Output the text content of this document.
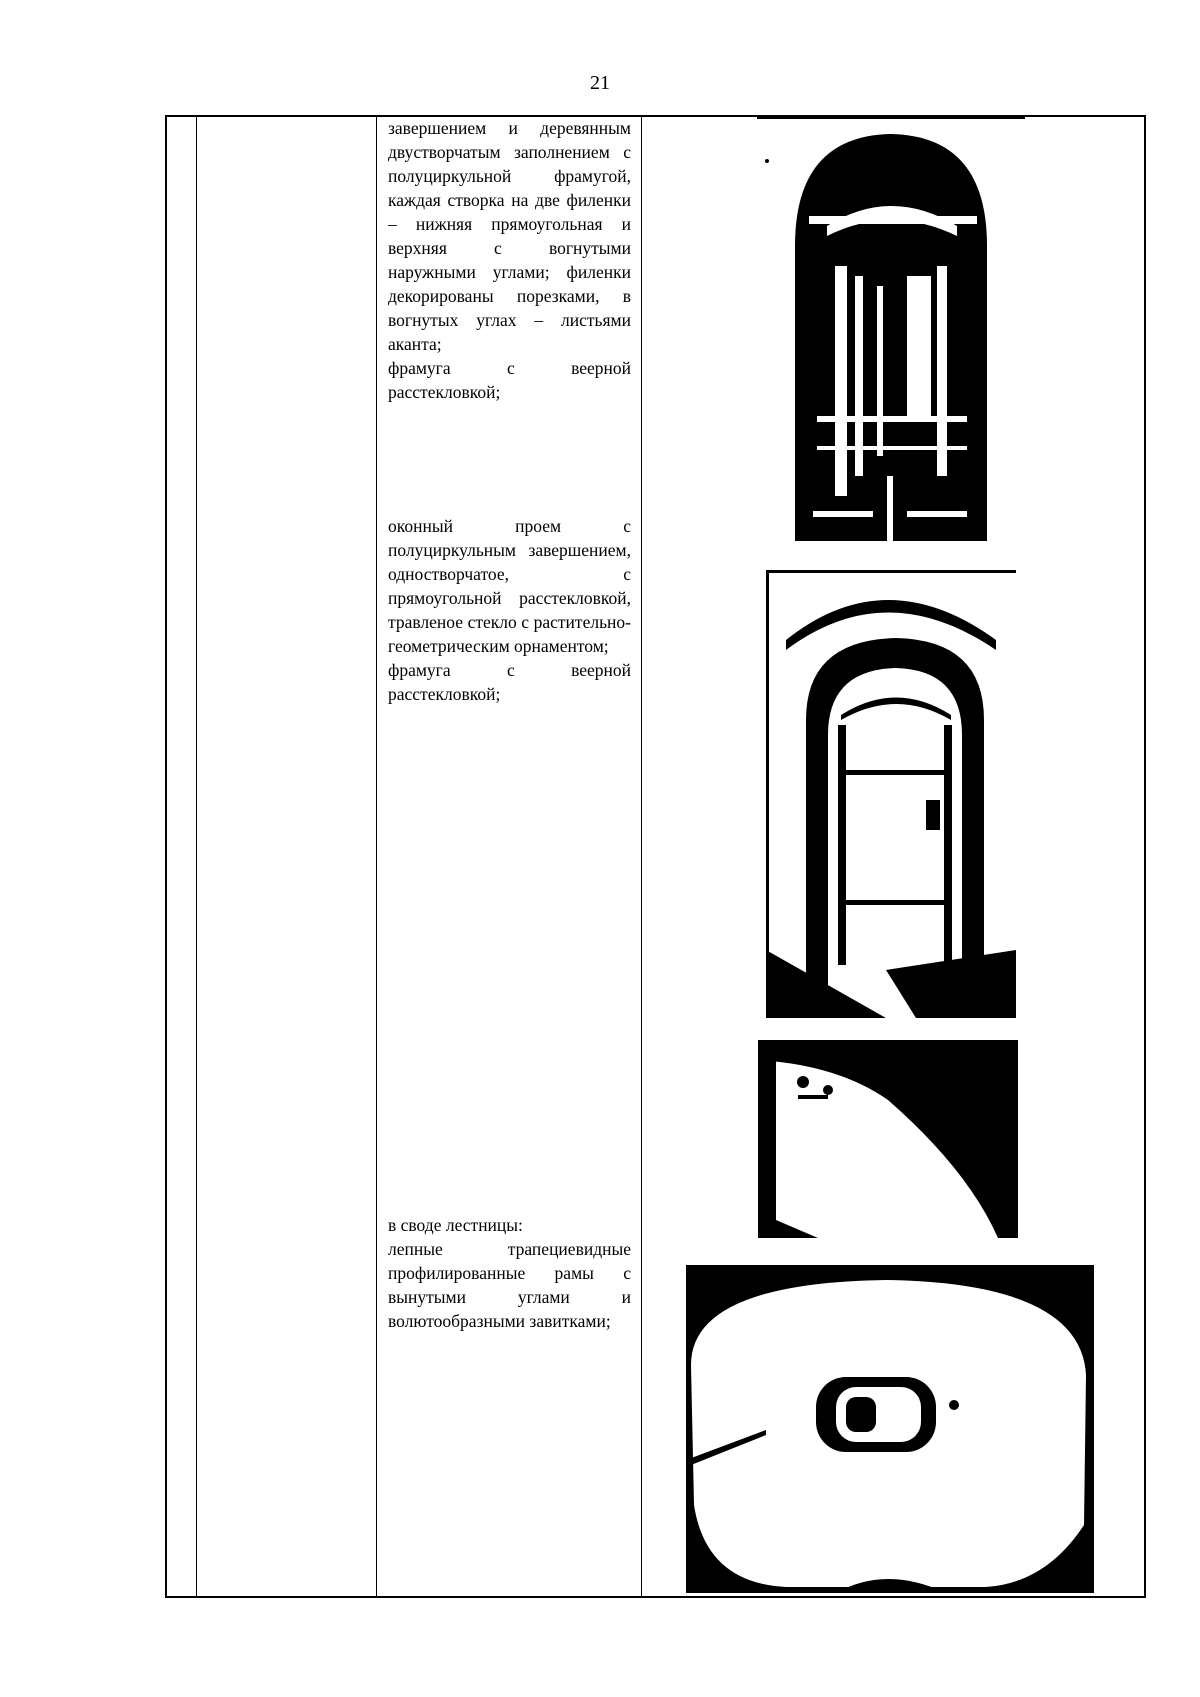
21
завершением и деревянным двустворчатым заполнением с полуциркульной фрамугой, каждая створка на две филенки – нижняя прямоугольная и верхняя с вогнутыми наружными углами; филенки декорированы порезками, в вогнутых углах – листьями аканта;
фрамуга с веерной расстекловкой;
оконный проем с полуциркульным завершением, одностворчатое, с прямоугольной расстекловкой, травленое стекло с растительно-геометрическим орнаментом;
фрамуга с веерной расстекловкой;
в своде лестницы:
лепные трапециевидные профилированные рамы с вынутыми углами и волютообразными завитками;
